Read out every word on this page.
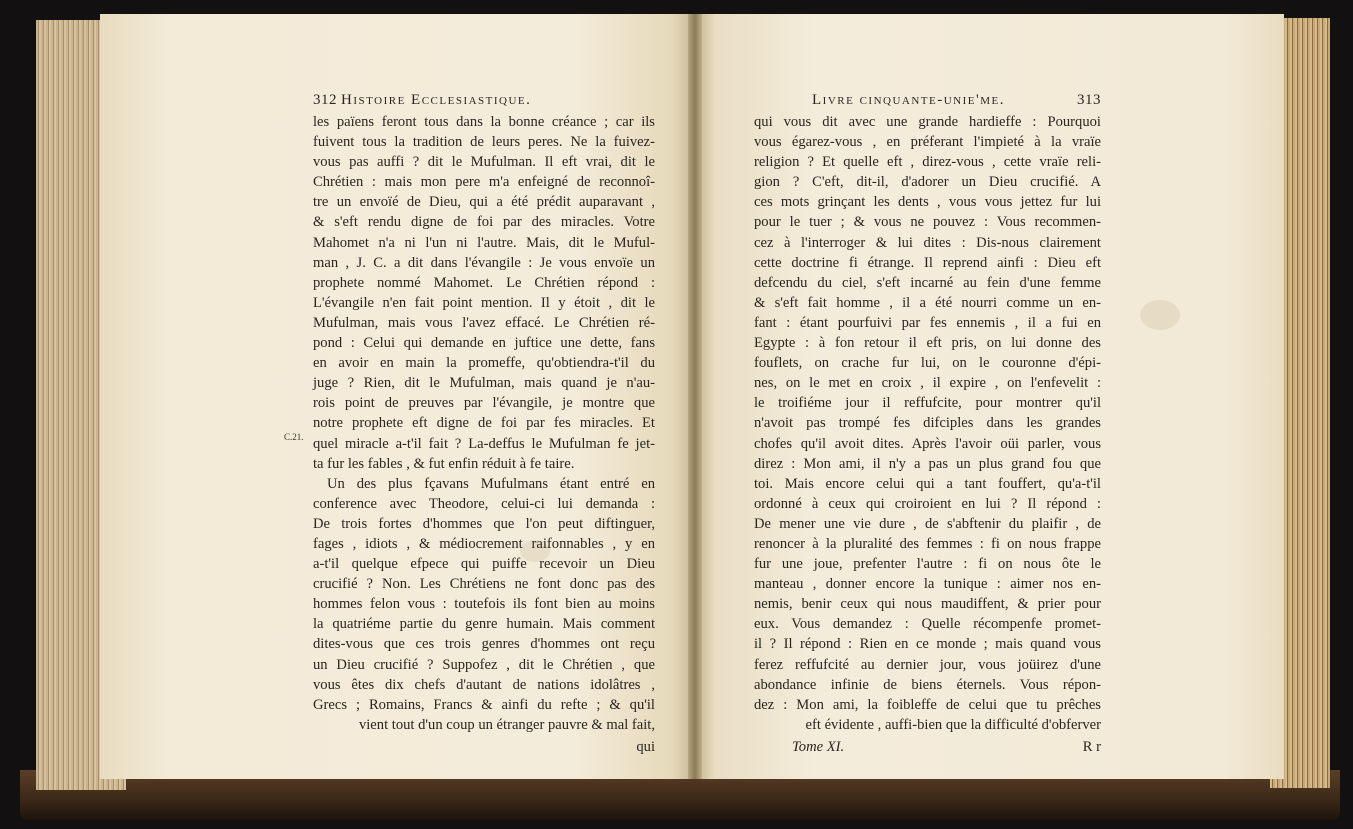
C.21.
312 Histoire Ecclesiastique.
les païens feront tous dans la bonne créance ; car ils
fuivent tous la tradition de leurs peres. Ne la fuivez-
vous pas auffi ? dit le Mufulman. Il eft vrai, dit le
Chrétien : mais mon pere m'a enfeigné de reconnoî-
tre un envoïé de Dieu, qui a été prédit auparavant ,
& s'eft rendu digne de foi par des miracles. Votre
Mahomet n'a ni l'un ni l'autre. Mais, dit le Muful-
man , J. C. a dit dans l'évangile : Je vous envoïe un
prophete nommé Mahomet. Le Chrétien répond :
L'évangile n'en fait point mention. Il y étoit , dit le
Mufulman, mais vous l'avez effacé. Le Chrétien ré-
pond : Celui qui demande en juftice une dette, fans
en avoir en main la promeffe, qu'obtiendra-t'il du
juge ? Rien, dit le Mufulman, mais quand je n'au-
rois point de preuves par l'évangile, je montre que
notre prophete eft digne de foi par fes miracles. Et
quel miracle a-t'il fait ? La-deffus le Mufulman fe jet-
ta fur les fables , & fut enfin réduit à fe taire.
Un des plus fçavans Mufulmans étant entré en
conference avec Theodore, celui-ci lui demanda :
De trois fortes d'hommes que l'on peut diftinguer,
fages , idiots , & médiocrement raifonnables , y en
a-t'il quelque efpece qui puiffe recevoir un Dieu
crucifié ? Non. Les Chrétiens ne font donc pas des
hommes felon vous : toutefois ils font bien au moins
la quatriéme partie du genre humain. Mais comment
dites-vous que ces trois genres d'hommes ont reçu
un Dieu crucifié ? Suppofez , dit le Chrétien , que
vous êtes dix chefs d'autant de nations idolâtres ,
Grecs ; Romains, Francs & ainfi du refte ; & qu'il
vient tout d'un coup un étranger pauvre & mal fait,
qui
Livre cinquante-unie'me.	313
qui vous dit avec une grande hardieffe : Pourquoi
vous égarez-vous , en préferant l'impieté à la vraïe
religion ? Et quelle eft , direz-vous , cette vraïe reli-
gion ? C'eft, dit-il, d'adorer un Dieu crucifié. A
ces mots grinçant les dents , vous vous jettez fur lui
pour le tuer ; & vous ne pouvez : Vous recommen-
cez à l'interroger & lui dites : Dis-nous clairement
cette doctrine fi étrange. Il reprend ainfi : Dieu eft
defcendu du ciel, s'eft incarné au fein d'une femme
& s'eft fait homme , il a été nourri comme un en-
fant : étant pourfuivi par fes ennemis , il a fui en
Egypte : à fon retour il eft pris, on lui donne des
fouflets, on crache fur lui, on le couronne d'épi-
nes, on le met en croix , il expire , on l'enfevelit :
le troifiéme jour il reffufcite, pour montrer qu'il
n'avoit pas trompé fes difciples dans les grandes
chofes qu'il avoit dites. Après l'avoir oüi parler, vous
direz : Mon ami, il n'y a pas un plus grand fou que
toi. Mais encore celui qui a tant fouffert, qu'a-t'il
ordonné à ceux qui croiroient en lui ? Il répond :
De mener une vie dure , de s'abftenir du plaifir , de
renoncer à la pluralité des femmes : fi on nous frappe
fur une joue, prefenter l'autre : fi on nous ôte le
manteau , donner encore la tunique : aimer nos en-
nemis, benir ceux qui nous maudiffent, & prier pour
eux. Vous demandez : Quelle récompenfe promet-
il ? Il répond : Rien en ce monde ; mais quand vous
ferez reffufcité au dernier jour, vous joüirez d'une
abondance infinie de biens éternels. Vous répon-
dez : Mon ami, la foibleffe de celui que tu prêches
eft évidente , auffi-bien que la difficulté d'obferver
Tome XI.	R r
